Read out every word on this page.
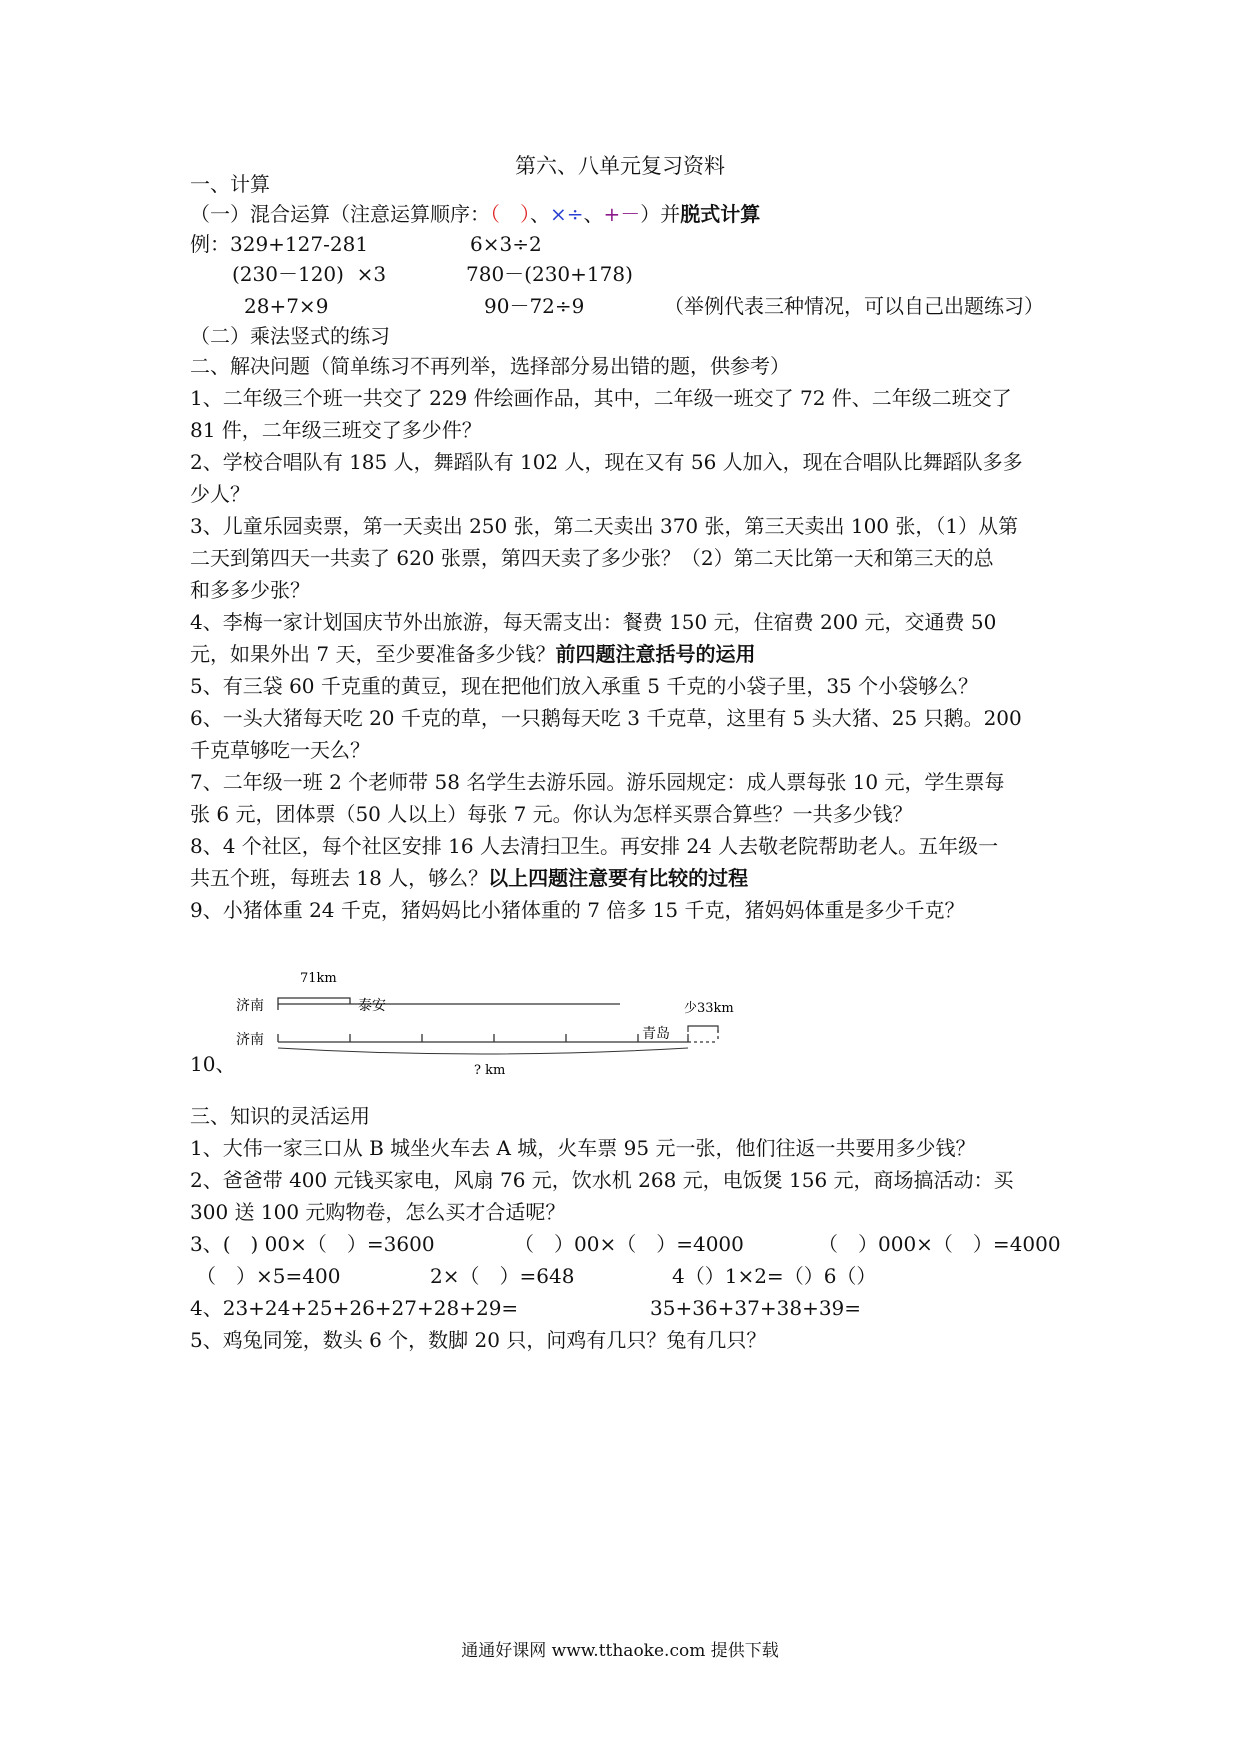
第六、八单元复习资料
一、计算
（一）混合运算（注意运算顺序：（　）、×÷、+－）并脱式计算
例： 329+127-281	6×3÷2
(230－120)  ×3	780－(230+178)
28+7×9	90－72÷9	（举例代表三种情况，可以自己出题练习）
（二）乘法竖式的练习
二、解决问题（简单练习不再列举，选择部分易出错的题，供参考）
1、二年级三个班一共交了 229 件绘画作品，其中，二年级一班交了 72 件、二年级二班交了
81 件，二年级三班交了多少件？
2、学校合唱队有 185 人，舞蹈队有 102 人，现在又有 56 人加入，现在合唱队比舞蹈队多多
少人？
3、儿童乐园卖票，第一天卖出 250 张，第二天卖出 370 张，第三天卖出 100 张，（1）从第
二天到第四天一共卖了 620 张票，第四天卖了多少张？（2）第二天比第一天和第三天的总
和多多少张？
4、李梅一家计划国庆节外出旅游，每天需支出：餐费 150 元，住宿费 200 元，交通费 50
元，如果外出 7 天，至少要准备多少钱？前四题注意括号的运用
5、有三袋 60 千克重的黄豆，现在把他们放入承重 5 千克的小袋子里，35 个小袋够么？
6、一头大猪每天吃 20 千克的草，一只鹅每天吃 3 千克草，这里有 5 头大猪、25 只鹅。200
千克草够吃一天么？
7、二年级一班 2 个老师带 58 名学生去游乐园。游乐园规定：成人票每张 10 元，学生票每
张 6 元，团体票（50 人以上）每张 7 元。你认为怎样买票合算些？一共多少钱？
8、4 个社区，每个社区安排 16 人去清扫卫生。再安排 24 人去敬老院帮助老人。五年级一
共五个班，每班去 18 人，够么？以上四题注意要有比较的过程
9、小猪体重 24 千克，猪妈妈比小猪体重的 7 倍多 15 千克，猪妈妈体重是多少千克？
71km
济南	泰安
济南	青岛
少33km
? km
10、
三、知识的灵活运用
1、大伟一家三口从 B 城坐火车去 A 城，火车票 95 元一张，他们往返一共要用多少钱？
2、爸爸带 400 元钱买家电，风扇 76 元，饮水机 268 元，电饭煲 156 元，商场搞活动：买
300 送 100 元购物卷，怎么买才合适呢？
3、(　) 00×（　）=3600	（　）00×（　）=4000	（　）000×（　）=4000
（　）×5=400	2×（　）=648	4（）1×2=（）6（）
4、23+24+25+26+27+28+29=	35+36+37+38+39=
5、鸡兔同笼，数头 6 个，数脚 20 只，问鸡有几只？兔有几只？
通通好课网 www.tthaoke.com 提供下载
